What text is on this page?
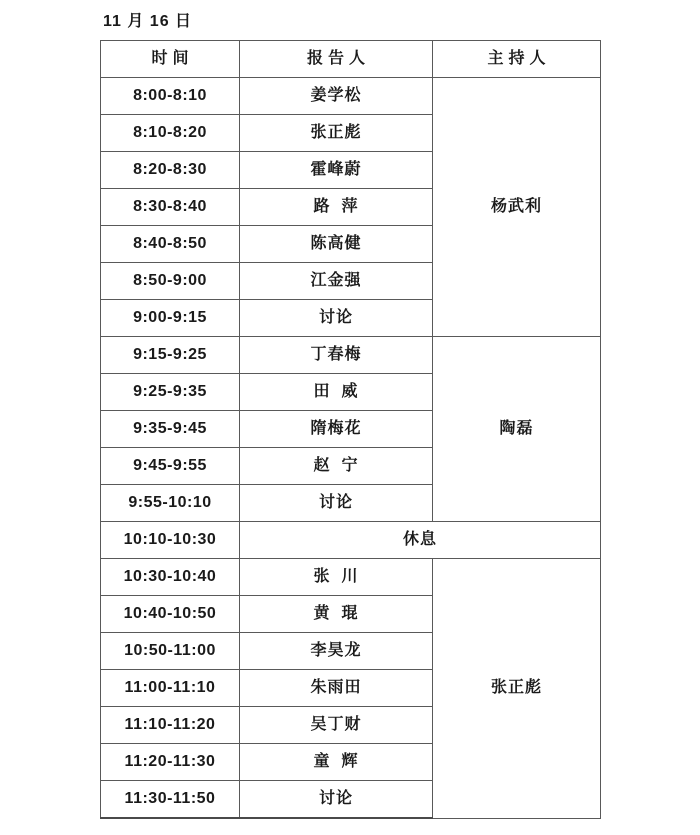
11 月 16 日
时间	报告人	主持人
8:00-8:10	姜学松	杨武利
8:10-8:20	张正彪	
8:20-8:30	霍峰蔚	
8:30-8:40	路  萍	
8:40-8:50	陈高健	
8:50-9:00	江金强	
9:00-9:15	讨论	
9:15-9:25	丁春梅	陶磊
9:25-9:35	田  威	
9:35-9:45	隋梅花	
9:45-9:55	赵  宁	
9:55-10:10	讨论	
10:10-10:30	休息	
10:30-10:40	张  川	张正彪
10:40-10:50	黄  琨	
10:50-11:00	李昊龙	
11:00-11:10	朱雨田	
11:10-11:20	吴丁财	
11:20-11:30	童  辉	
11:30-11:50	讨论	
